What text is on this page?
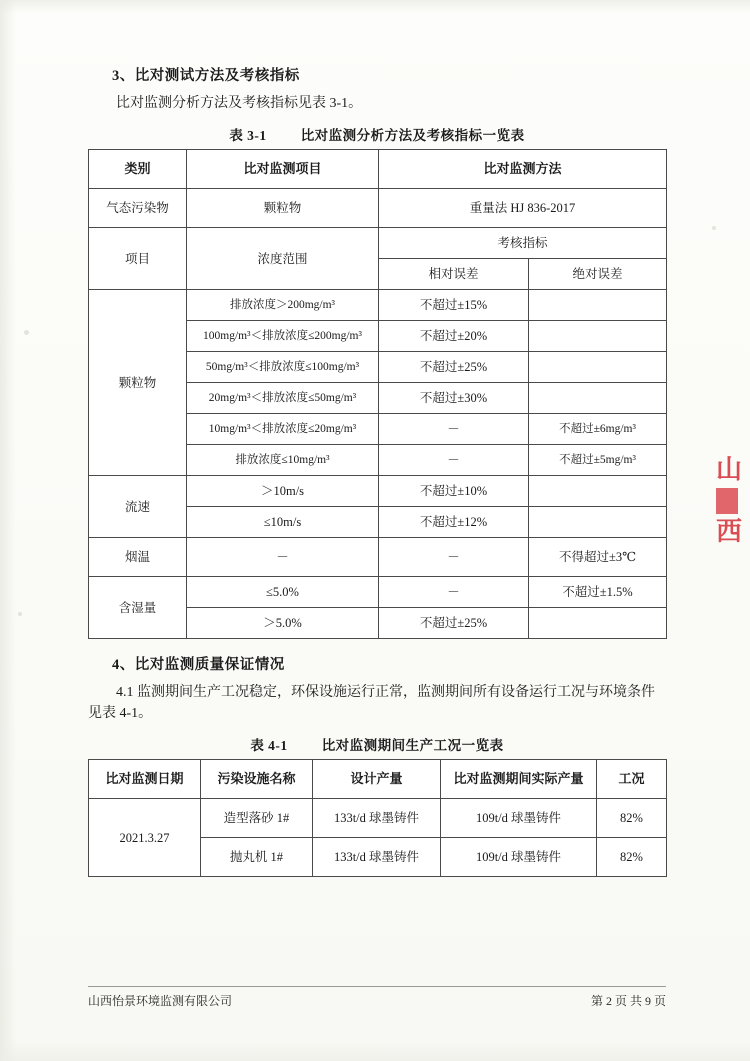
山
西
3、比对测试方法及考核指标

比对监测分析方法及考核指标见表 3-1。

表 3-1	比对监测分析方法及考核指标一览表
类别	比对监测项目	比对监测方法	
气态污染物	颗粒物	重量法 HJ 836-2017	
项目	浓度范围	考核指标	
		相对误差	绝对误差
颗粒物	排放浓度＞200mg/m³	不超过±15%	
	100mg/m³＜排放浓度≤200mg/m³	不超过±20%	
	50mg/m³＜排放浓度≤100mg/m³	不超过±25%	
	20mg/m³＜排放浓度≤50mg/m³	不超过±30%	
	10mg/m³＜排放浓度≤20mg/m³	－	不超过±6mg/m³
	排放浓度≤10mg/m³	－	不超过±5mg/m³
流速	＞10m/s	不超过±10%	
	≤10m/s	不超过±12%	
烟温	－	－	不得超过±3℃
含湿量	≤5.0%	－	不超过±1.5%
	＞5.0%	不超过±25%	
4、比对监测质量保证情况

4.1 监测期间生产工况稳定，环保设施运行正常，监测期间所有设备运行工况与环境条件见表 4-1。

表 4-1	比对监测期间生产工况一览表
比对监测日期	污染设施名称	设计产量	比对监测期间实际产量	工况
2021.3.27	造型落砂 1#	133t/d 球墨铸件	109t/d 球墨铸件	82%
	抛丸机 1#	133t/d 球墨铸件	109t/d 球墨铸件	82%
山西怡景环境监测有限公司	第 2 页 共 9 页
